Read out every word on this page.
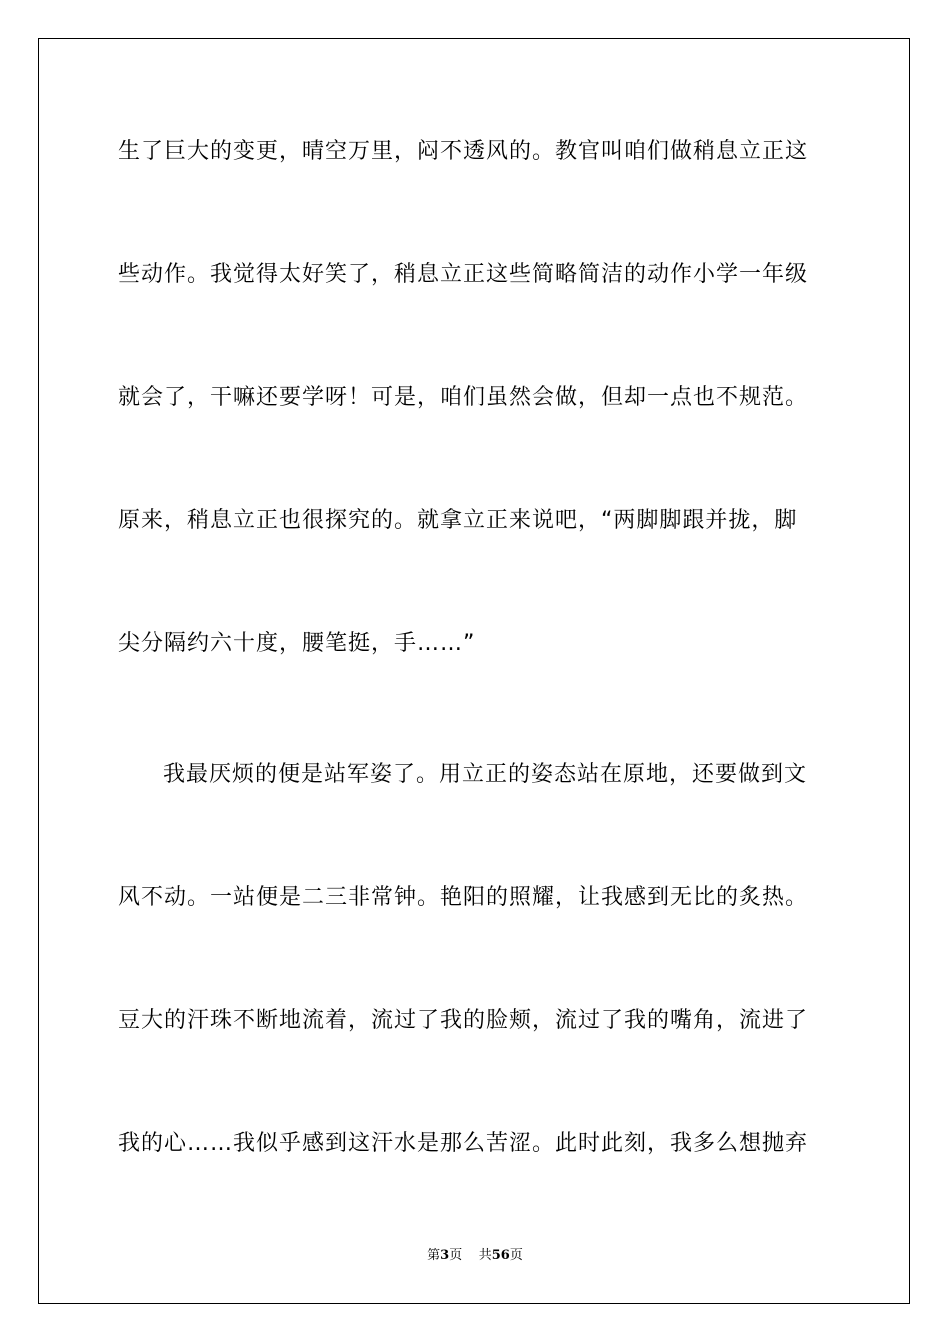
生了巨大的变更，晴空万里，闷不透风的。教官叫咱们做稍息立正这
些动作。我觉得太好笑了，稍息立正这些简略简洁的动作小学一年级
就会了，干嘛还要学呀！可是，咱们虽然会做，但却一点也不规范。
原来，稍息立正也很探究的。就拿立正来说吧，“两脚脚跟并拢，脚
尖分隔约六十度，腰笔挺，手……”
我最厌烦的便是站军姿了。用立正的姿态站在原地，还要做到文
风不动。一站便是二三非常钟。艳阳的照耀，让我感到无比的炙热。
豆大的汗珠不断地流着，流过了我的脸颊，流过了我的嘴角，流进了
我的心……我似乎感到这汗水是那么苦涩。此时此刻，我多么想抛弃
第3页 共56页
